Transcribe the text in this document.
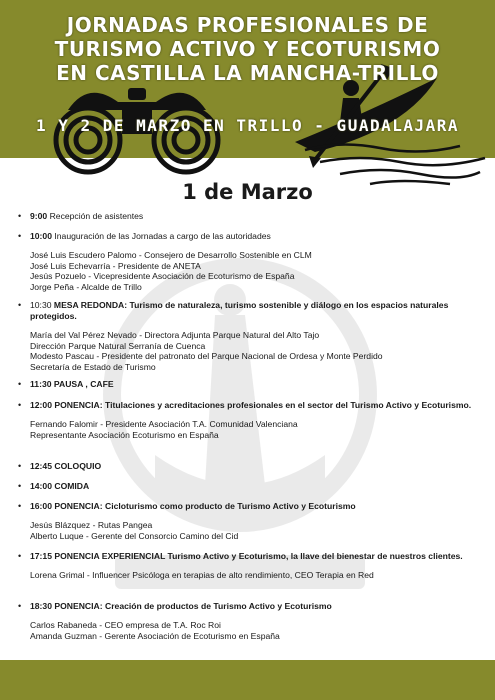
JORNADAS PROFESIONALES DE
TURISMO ACTIVO Y ECOTURISMO
EN CASTILLA LA MANCHA-TRILLO
1 Y 2 DE MARZO EN TRILLO - GUADALAJARA
1 de Marzo
• 9:00 Recepción de asistentes
• 10:00 Inauguración de las Jornadas a cargo de las autoridades
José Luis Escudero Palomo - Consejero de Desarrollo Sostenible en CLM
José Luis Echevarría - Presidente de ANETA
Jesús Pozuelo - Vicepresidente Asociación de Ecoturismo de España
Jorge Peña - Alcalde de Trillo
• 10:30 MESA REDONDA: Turismo de naturaleza, turismo sostenible y diálogo en los espacios naturales protegidos.
María del Val Pérez Nevado - Directora Adjunta Parque Natural del Alto Tajo
Dirección Parque Natural Serranía de Cuenca
Modesto Pascau - Presidente del patronato del Parque Nacional de Ordesa y Monte Perdido
Secretaría de Estado de Turismo
• 11:30 PAUSA , CAFE
• 12:00 PONENCIA: Titulaciones y acreditaciones profesionales en el sector del Turismo Activo y Ecoturismo.
Fernando Falomir - Presidente Asociación T.A. Comunidad Valenciana
Representante Asociación Ecoturismo en España
• 12:45 COLOQUIO
• 14:00 COMIDA
• 16:00 PONENCIA: Cicloturismo como producto de Turismo Activo y Ecoturismo
Jesús Blázquez - Rutas Pangea
Alberto Luque - Gerente del Consorcio Camino del Cid
• 17:15 PONENCIA EXPERIENCIAL Turismo Activo y Ecoturismo, la llave del bienestar de nuestros clientes.
Lorena Grimal - Influencer Psicóloga en terapias de alto rendimiento, CEO Terapia en Red
• 18:30 PONENCIA: Creación de productos de Turismo Activo y Ecoturismo
Carlos Rabaneda - CEO empresa de T.A. Roc Roi
Amanda Guzman - Gerente Asociación de Ecoturismo en España
